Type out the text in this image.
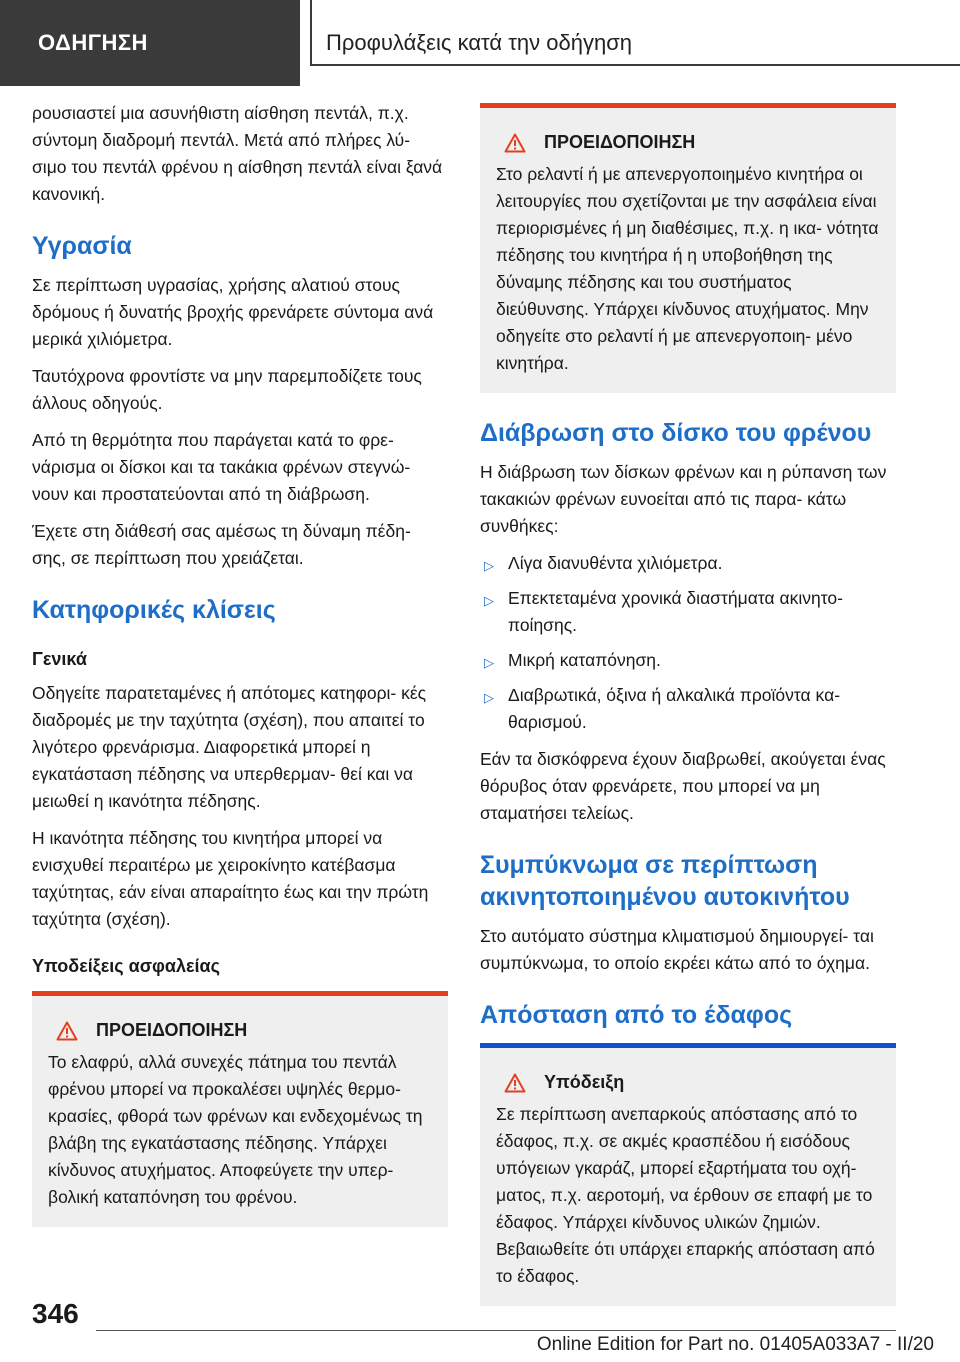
ΟΔΗΓΗΣΗ	Προφυλάξεις κατά την οδήγηση

ρουσιαστεί μια ασυνήθιστη αίσθηση πεντάλ, π.χ. σύντομη διαδρομή πεντάλ. Μετά από πλήρες λύ- σιμο του πεντάλ φρένου η αίσθηση πεντάλ είναι ξανά κανονική.

Υγρασία

Σε περίπτωση υγρασίας, χρήσης αλατιού στους δρόμους ή δυνατής βροχής φρενάρετε σύντομα ανά μερικά χιλιόμετρα.

Ταυτόχρονα φροντίστε να μην παρεμποδίζετε τους άλλους οδηγούς.

Από τη θερμότητα που παράγεται κατά το φρε- νάρισμα οι δίσκοι και τα τακάκια φρένων στεγνώ- νουν και προστατεύονται από τη διάβρωση.

Έχετε στη διάθεσή σας αμέσως τη δύναμη πέδη- σης, σε περίπτωση που χρειάζεται.

Κατηφορικές κλίσεις
Γενικά

Οδηγείτε παρατεταμένες ή απότομες κατηφορι- κές διαδρομές με την ταχύτητα (σχέση), που απαιτεί το λιγότερο φρενάρισμα. Διαφορετικά μπορεί η εγκατάσταση πέδησης να υπερθερμαν- θεί και να μειωθεί η ικανότητα πέδησης.

Η ικανότητα πέδησης του κινητήρα μπορεί να ενισχυθεί περαιτέρω με χειροκίνητο κατέβασμα ταχύτητας, εάν είναι απαραίτητο έως και την πρώτη ταχύτητα (σχέση).

Υποδείξεις ασφαλείας
ΠΡΟΕΙΔΟΠΟΙΗΣΗ

Το ελαφρύ, αλλά συνεχές πάτημα του πεντάλ φρένου μπορεί να προκαλέσει υψηλές θερμο- κρασίες, φθορά των φρένων και ενδεχομένως τη βλάβη της εγκατάστασης πέδησης. Υπάρχει κίνδυνος ατυχήματος. Αποφεύγετε την υπερ- βολική καταπόνηση του φρένου.

ΠΡΟΕΙΔΟΠΟΙΗΣΗ

Στο ρελαντί ή με απενεργοποιημένο κινητήρα οι λειτουργίες που σχετίζονται με την ασφάλεια είναι περιορισμένες ή μη διαθέσιμες, π.χ. η ικα- νότητα πέδησης του κινητήρα ή η υποβοήθηση της δύναμης πέδησης και του συστήματος διεύθυνσης. Υπάρχει κίνδυνος ατυχήματος. Μην οδηγείτε στο ρελαντί ή με απενεργοποιη- μένο κινητήρα.

Διάβρωση στο δίσκο του φρένου

Η διάβρωση των δίσκων φρένων και η ρύπανση των τακακιών φρένων ευνοείται από τις παρα- κάτω συνθήκες:

▷ Λίγα διανυθέντα χιλιόμετρα.
▷ Επεκτεταμένα χρονικά διαστήματα ακινητο- ποίησης.
▷ Μικρή καταπόνηση.
▷ Διαβρωτικά, όξινα ή αλκαλικά προϊόντα κα- θαρισμού.

Εάν τα δισκόφρενα έχουν διαβρωθεί, ακούγεται ένας θόρυβος όταν φρενάρετε, που μπορεί να μη σταματήσει τελείως.

Συμπύκνωμα σε περίπτωση ακινητοποιημένου αυτοκινήτου

Στο αυτόματο σύστημα κλιματισμού δημιουργεί- ται συμπύκνωμα, το οποίο εκρέει κάτω από το όχημα.

Απόσταση από το έδαφος
Υπόδειξη

Σε περίπτωση ανεπαρκούς απόστασης από το έδαφος, π.χ. σε ακμές κρασπέδου ή εισόδους υπόγειων γκαράζ, μπορεί εξαρτήματα του οχή- ματος, π.χ. αεροτομή, να έρθουν σε επαφή με το έδαφος. Υπάρχει κίνδυνος υλικών ζημιών. Βεβαιωθείτε ότι υπάρχει επαρκής απόσταση από το έδαφος.

346
Online Edition for Part no. 01405A033A7 - II/20
